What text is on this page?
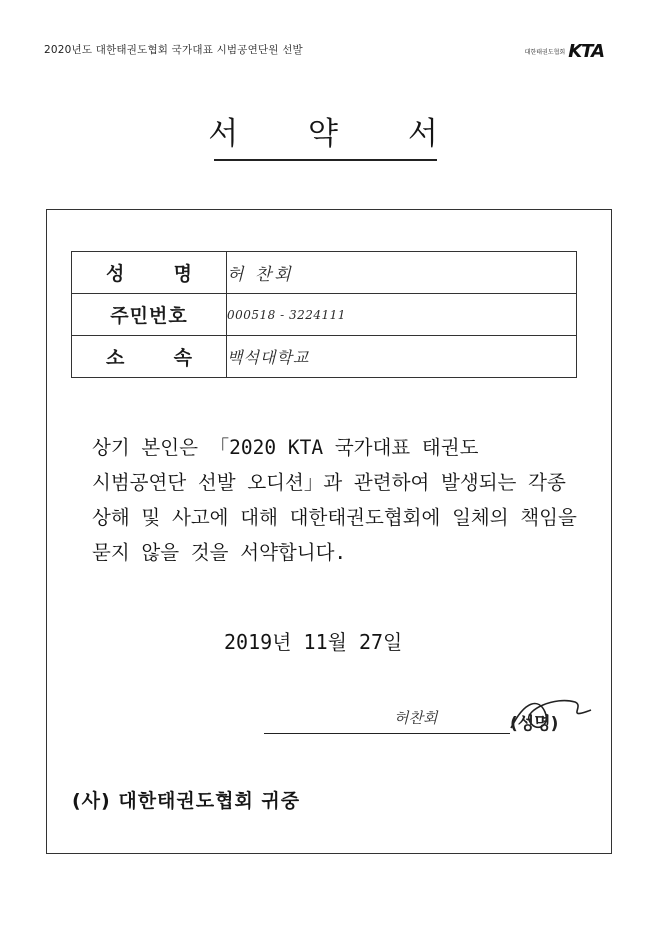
2020년도 대한태권도협회 국가대표 시범공연단원 선발	대한태권도협회 KTA
서 약 서
성 명	허 찬회

주민번호	000518 - 3224111

소 속	백석대학교
상기 본인은 「2020 KTA 국가대표 태권도 시범공연단 선발 오디션」과 관련하여 발생되는 각종 상해 및 사고에 대해 대한태권도협회에 일체의 책임을 묻지 않을 것을 서약합니다.
2019년 11월 27일
허찬회	(성명)
(사) 대한태권도협회 귀중
